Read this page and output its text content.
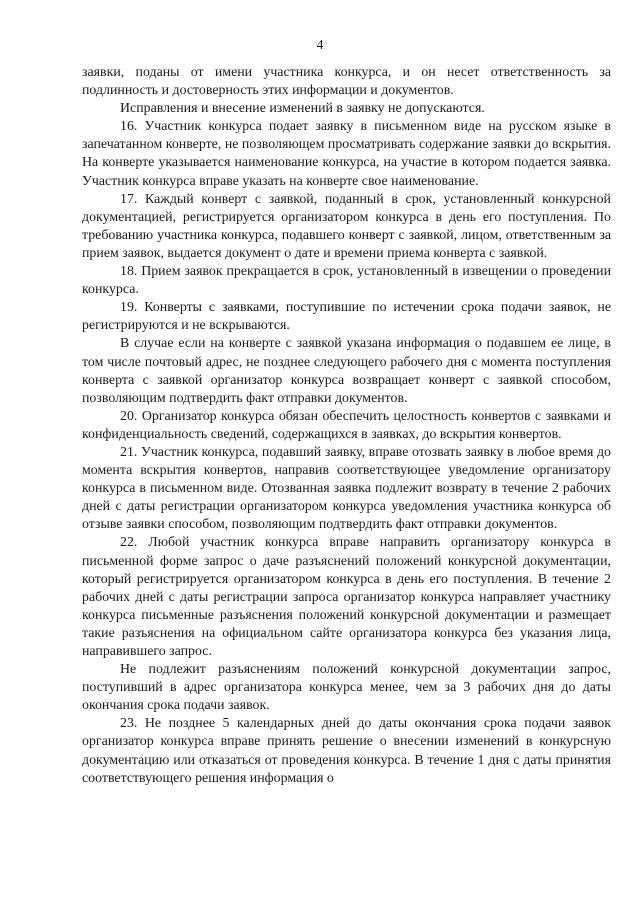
4

заявки, поданы от имени участника конкурса, и он несет ответственность за подлинность и достоверность этих информации и документов.

Исправления и внесение изменений в заявку не допускаются.

16. Участник конкурса подает заявку в письменном виде на русском языке в запечатанном конверте, не позволяющем просматривать содержание заявки до вскрытия. На конверте указывается наименование конкурса, на участие в котором подается заявка. Участник конкурса вправе указать на конверте свое наименование.

17. Каждый конверт с заявкой, поданный в срок, установленный конкурсной документацией, регистрируется организатором конкурса в день его поступления. По требованию участника конкурса, подавшего конверт с заявкой, лицом, ответственным за прием заявок, выдается документ о дате и времени приема конверта с заявкой.

18. Прием заявок прекращается в срок, установленный в извещении о проведении конкурса.

19. Конверты с заявками, поступившие по истечении срока подачи заявок, не регистрируются и не вскрываются.

В случае если на конверте с заявкой указана информация о подавшем ее лице, в том числе почтовый адрес, не позднее следующего рабочего дня с момента поступления конверта с заявкой организатор конкурса возвращает конверт с заявкой способом, позволяющим подтвердить факт отправки документов.

20. Организатор конкурса обязан обеспечить целостность конвертов с заявками и конфиденциальность сведений, содержащихся в заявках, до вскрытия конвертов.

21. Участник конкурса, подавший заявку, вправе отозвать заявку в любое время до момента вскрытия конвертов, направив соответствующее уведомление организатору конкурса в письменном виде. Отозванная заявка подлежит возврату в течение 2 рабочих дней с даты регистрации организатором конкурса уведомления участника конкурса об отзыве заявки способом, позволяющим подтвердить факт отправки документов.

22. Любой участник конкурса вправе направить организатору конкурса в письменной форме запрос о даче разъяснений положений конкурсной документации, который регистрируется организатором конкурса в день его поступления. В течение 2 рабочих дней с даты регистрации запроса организатор конкурса направляет участнику конкурса письменные разъяснения положений конкурсной документации и размещает такие разъяснения на официальном сайте организатора конкурса без указания лица, направившего запрос.

Не подлежит разъяснениям положений конкурсной документации запрос, поступивший в адрес организатора конкурса менее, чем за 3 рабочих дня до даты окончания срока подачи заявок.

23. Не позднее 5 календарных дней до даты окончания срока подачи заявок организатор конкурса вправе принять решение о внесении изменений в конкурсную документацию или отказаться от проведения конкурса. В течение 1 дня с даты принятия соответствующего решения информация о
